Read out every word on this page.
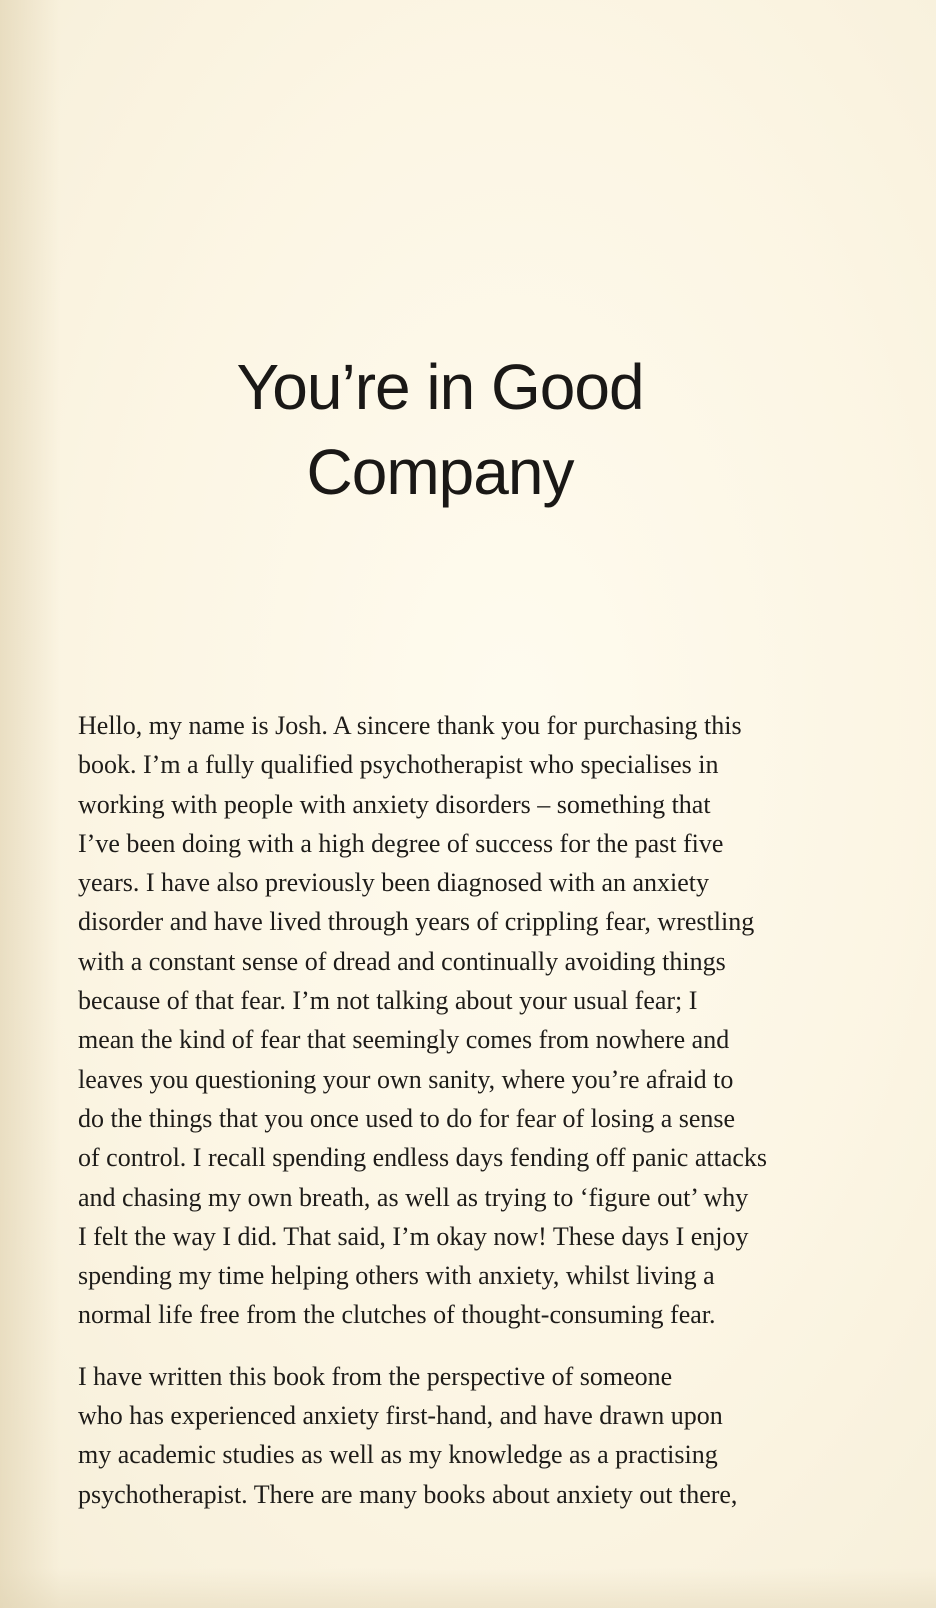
You’re in Good
Company

Hello, my name is Josh. A sincere thank you for purchasing this
book. I’m a fully qualified psychotherapist who specialises in
working with people with anxiety disorders – something that
I’ve been doing with a high degree of success for the past five
years. I have also previously been diagnosed with an anxiety
disorder and have lived through years of crippling fear, wrestling
with a constant sense of dread and continually avoiding things
because of that fear. I’m not talking about your usual fear; I
mean the kind of fear that seemingly comes from nowhere and
leaves you questioning your own sanity, where you’re afraid to
do the things that you once used to do for fear of losing a sense
of control. I recall spending endless days fending off panic attacks
and chasing my own breath, as well as trying to ‘figure out’ why
I felt the way I did. That said, I’m okay now! These days I enjoy
spending my time helping others with anxiety, whilst living a
normal life free from the clutches of thought-consuming fear.

I have written this book from the perspective of someone
who has experienced anxiety first-hand, and have drawn upon
my academic studies as well as my knowledge as a practising
psychotherapist. There are many books about anxiety out there,
